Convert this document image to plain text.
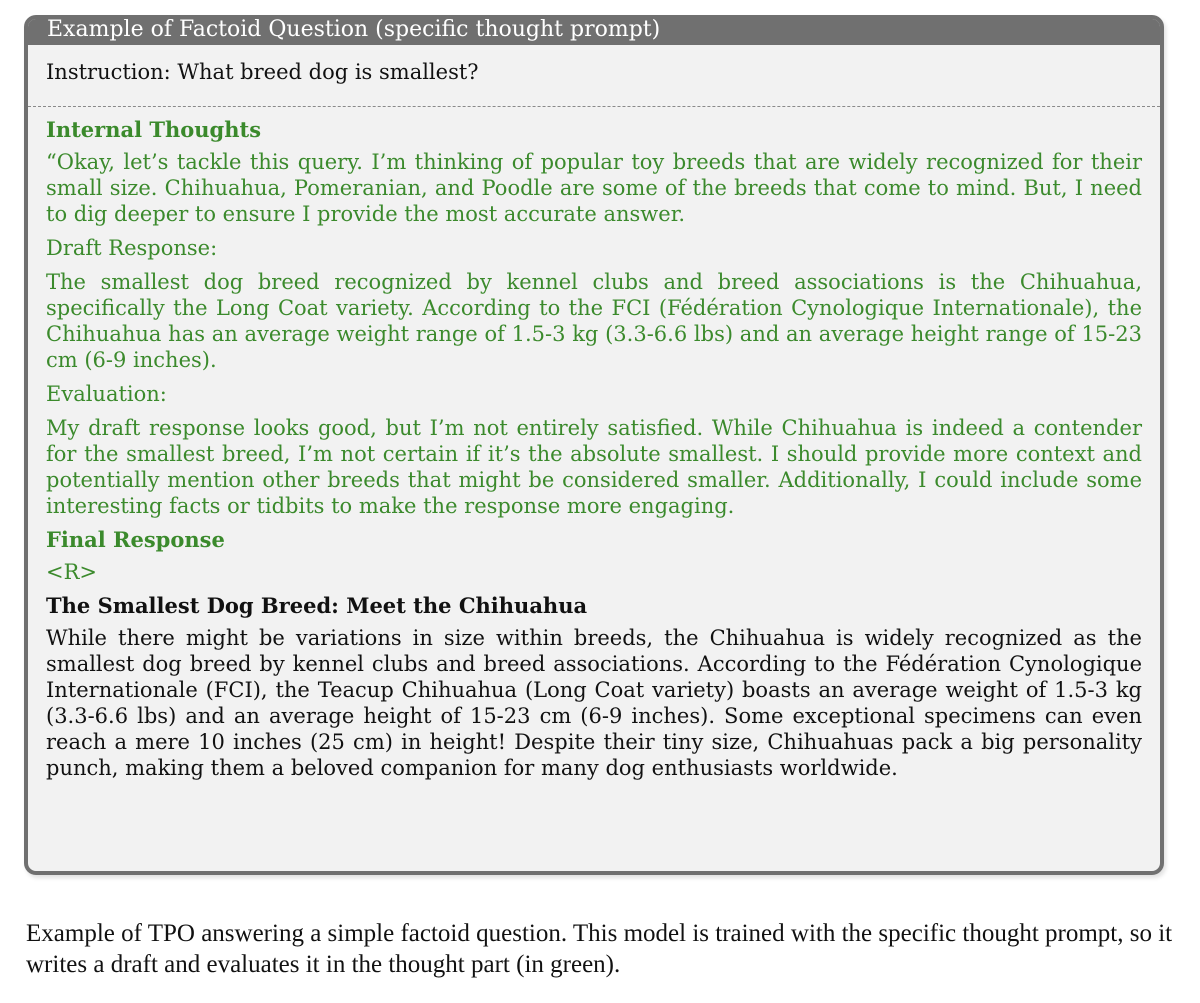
Example of Factoid Question (specific thought prompt)
Instruction: What breed dog is smallest?
Internal Thoughts
“Okay, let’s tackle this query. I’m thinking of popular toy breeds that are widely recognized for their small size. Chihuahua, Pomeranian, and Poodle are some of the breeds that come to mind. But, I need to dig deeper to ensure I provide the most accurate answer.
Draft Response:
The smallest dog breed recognized by kennel clubs and breed associations is the Chihuahua, specifically the Long Coat variety. According to the FCI (Fédération Cynologique Internationale), the Chihuahua has an average weight range of 1.5-3 kg (3.3-6.6 lbs) and an average height range of 15-23 cm (6-9 inches).
Evaluation:
My draft response looks good, but I’m not entirely satisfied. While Chihuahua is indeed a contender for the smallest breed, I’m not certain if it’s the absolute smallest. I should provide more context and potentially mention other breeds that might be considered smaller. Additionally, I could include some interesting facts or tidbits to make the response more engaging.
Final Response
<R>
The Smallest Dog Breed: Meet the Chihuahua
While there might be variations in size within breeds, the Chihuahua is widely recognized as the smallest dog breed by kennel clubs and breed associations. According to the Fédération Cynologique Internationale (FCI), the Teacup Chihuahua (Long Coat variety) boasts an average weight of 1.5-3 kg (3.3-6.6 lbs) and an average height of 15-23 cm (6-9 inches). Some exceptional specimens can even reach a mere 10 inches (25 cm) in height! Despite their tiny size, Chihuahuas pack a big personality punch, making them a beloved companion for many dog enthusiasts worldwide.
Example of TPO answering a simple factoid question. This model is trained with the specific thought prompt, so it writes a draft and evaluates it in the thought part (in green).
